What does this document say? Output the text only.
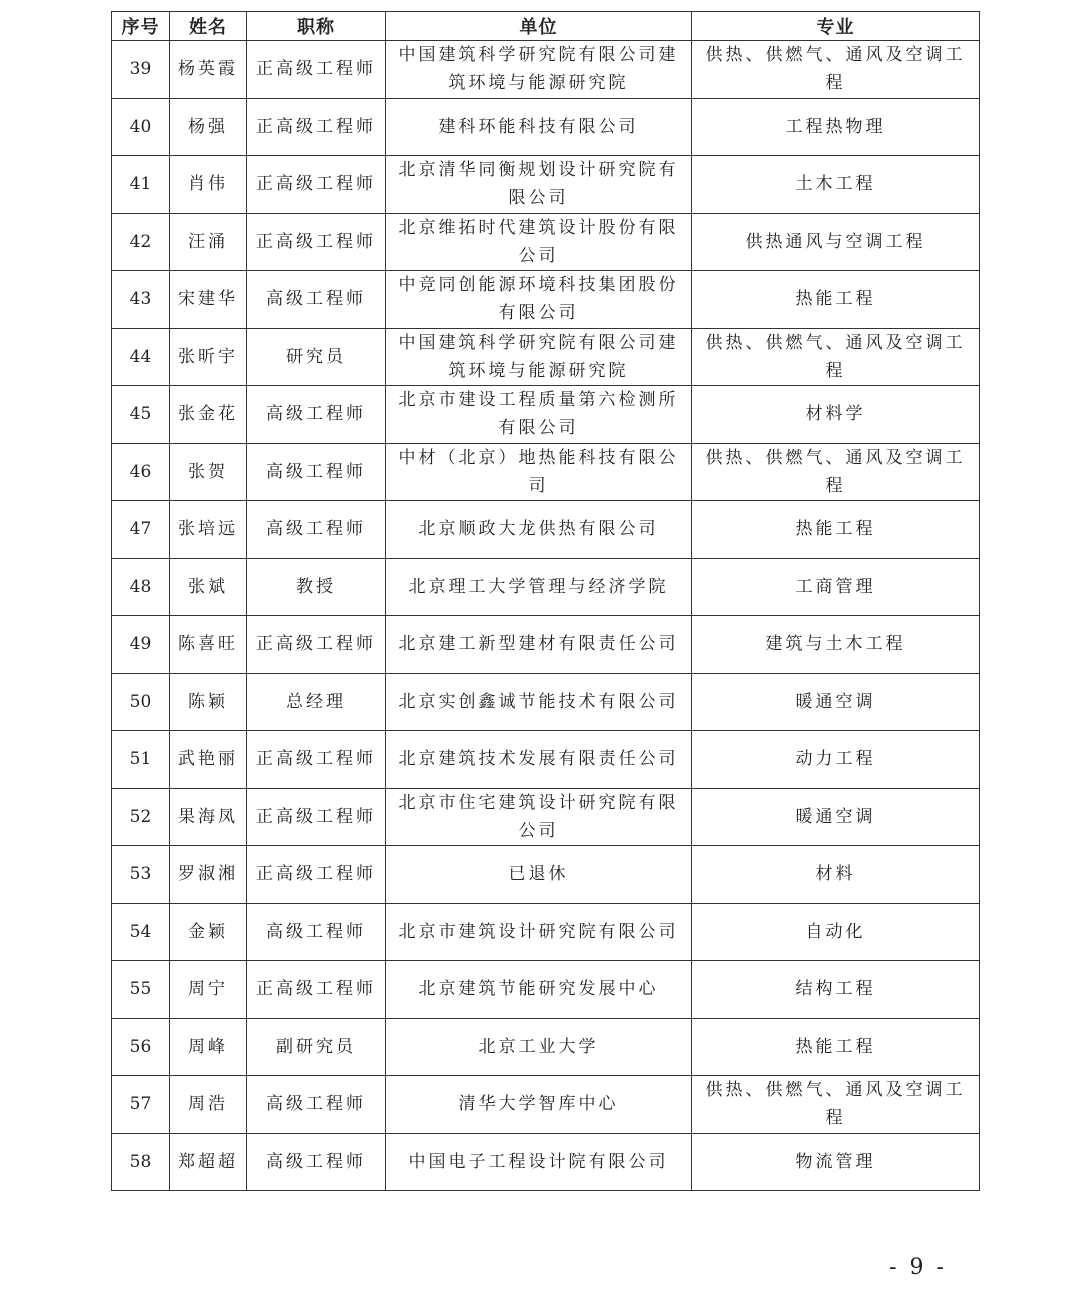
序号	姓名	职称	单位	专业
39	杨英霞	正高级工程师	中国建筑科学研究院有限公司建筑环境与能源研究院	供热、供燃气、通风及空调工程
40	杨强	正高级工程师	建科环能科技有限公司	工程热物理
41	肖伟	正高级工程师	北京清华同衡规划设计研究院有限公司	土木工程
42	汪涌	正高级工程师	北京维拓时代建筑设计股份有限公司	供热通风与空调工程
43	宋建华	高级工程师	中竞同创能源环境科技集团股份有限公司	热能工程
44	张昕宇	研究员	中国建筑科学研究院有限公司建筑环境与能源研究院	供热、供燃气、通风及空调工程
45	张金花	高级工程师	北京市建设工程质量第六检测所有限公司	材料学
46	张贺	高级工程师	中材（北京）地热能科技有限公司	供热、供燃气、通风及空调工程
47	张培远	高级工程师	北京顺政大龙供热有限公司	热能工程
48	张斌	教授	北京理工大学管理与经济学院	工商管理
49	陈喜旺	正高级工程师	北京建工新型建材有限责任公司	建筑与土木工程
50	陈颖	总经理	北京实创鑫诚节能技术有限公司	暖通空调
51	武艳丽	正高级工程师	北京建筑技术发展有限责任公司	动力工程
52	果海凤	正高级工程师	北京市住宅建筑设计研究院有限公司	暖通空调
53	罗淑湘	正高级工程师	已退休	材料
54	金颖	高级工程师	北京市建筑设计研究院有限公司	自动化
55	周宁	正高级工程师	北京建筑节能研究发展中心	结构工程
56	周峰	副研究员	北京工业大学	热能工程
57	周浩	高级工程师	清华大学智库中心	供热、供燃气、通风及空调工程
58	郑超超	高级工程师	中国电子工程设计院有限公司	物流管理
- 9 -
